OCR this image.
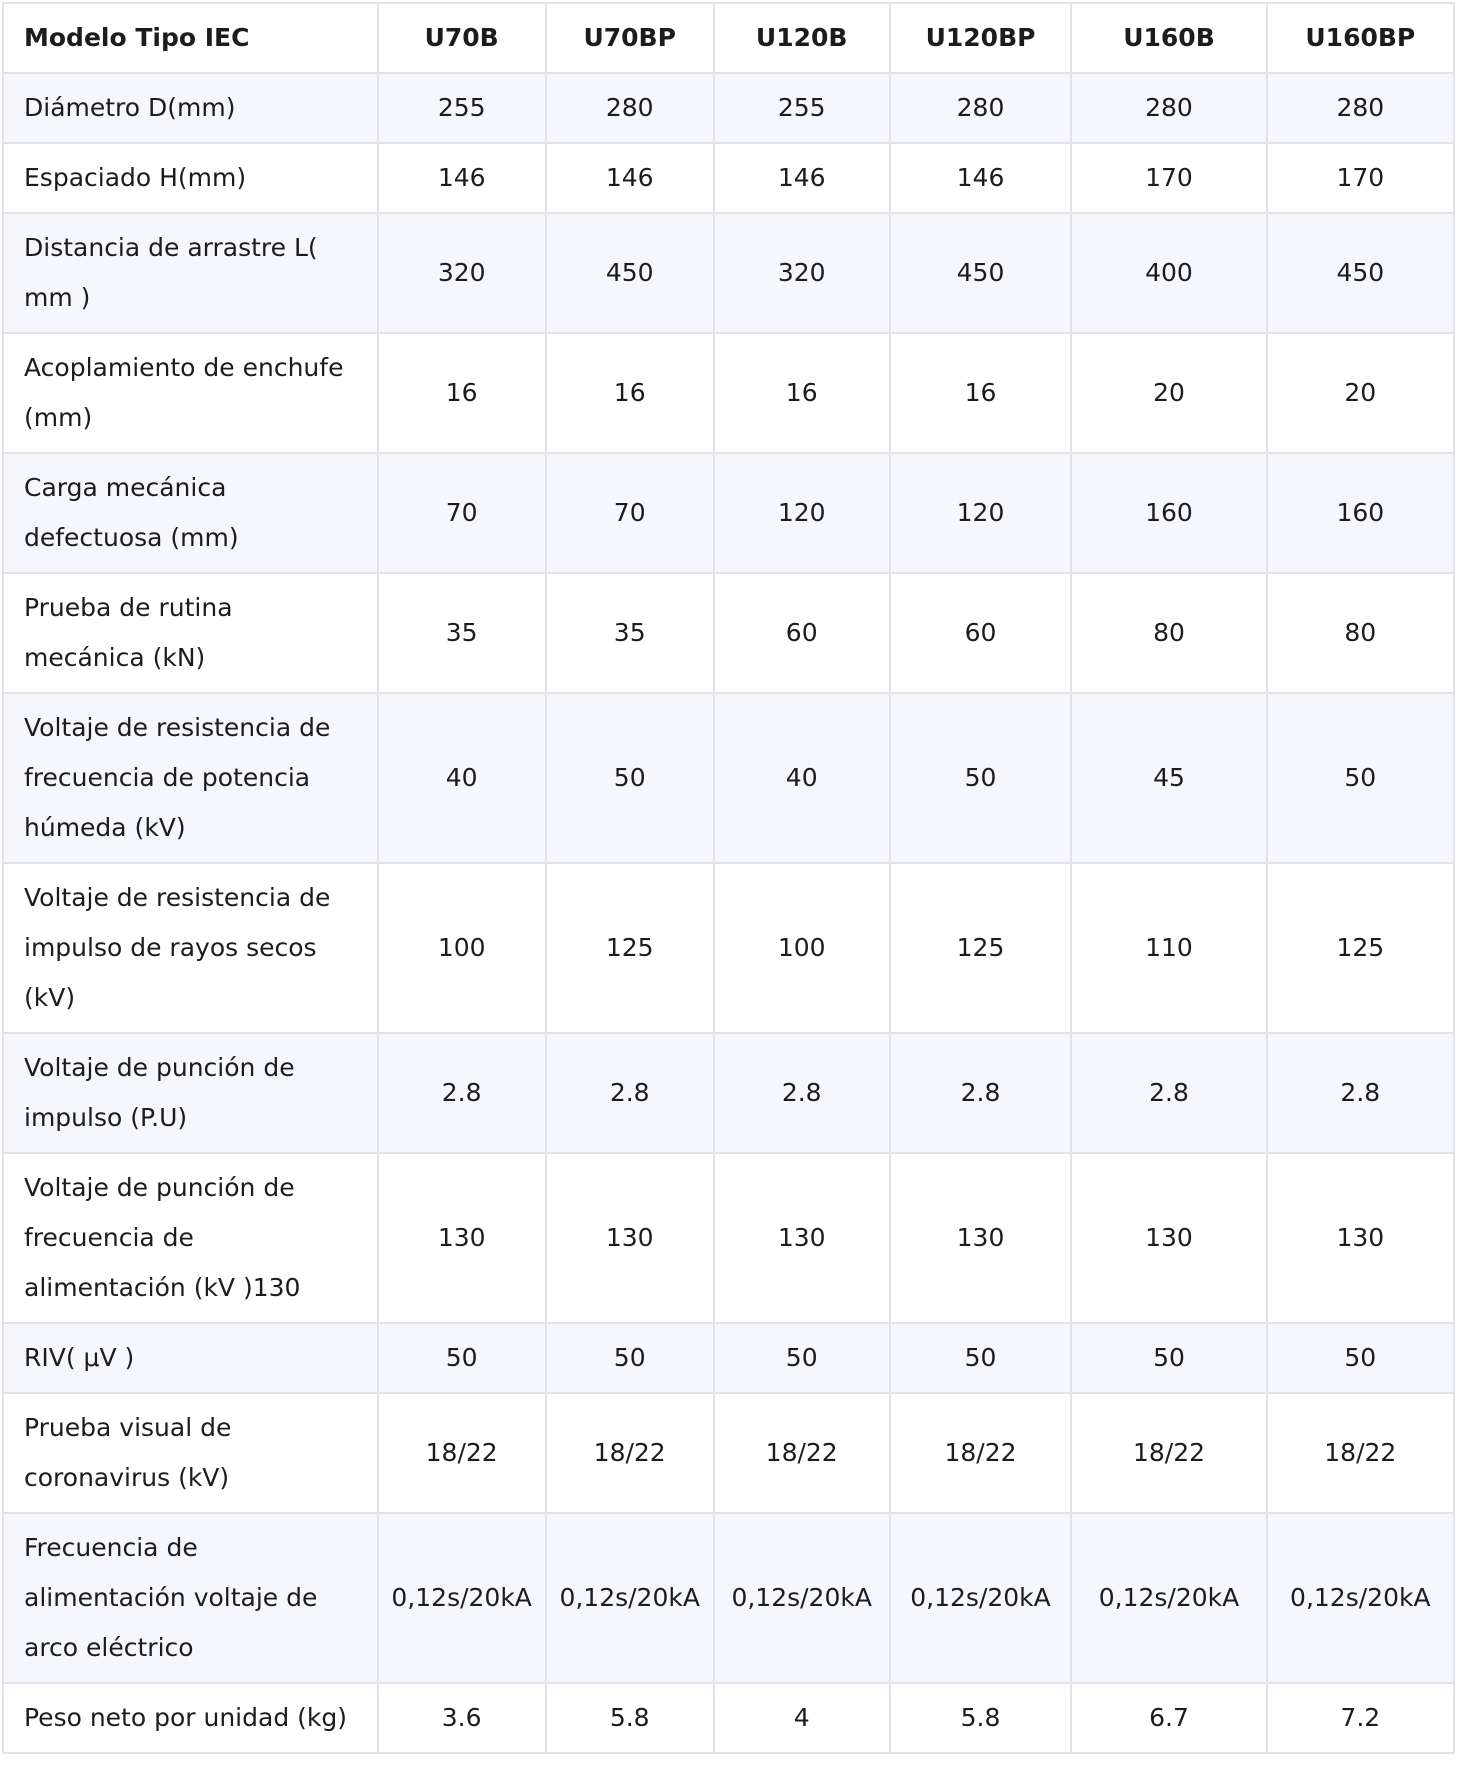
Modelo Tipo IEC	U70B	U70BP	U120B	U120BP	U160B	U160BP
Diámetro D(mm)	255	280	255	280	280	280
Espaciado H(mm)	146	146	146	146	170	170
Distancia de arrastre L( mm )	320	450	320	450	400	450
Acoplamiento de enchufe (mm)	16	16	16	16	20	20
Carga mecánica defectuosa (mm)	70	70	120	120	160	160
Prueba de rutina mecánica (kN)	35	35	60	60	80	80
Voltaje de resistencia de frecuencia de potencia húmeda (kV)	40	50	40	50	45	50
Voltaje de resistencia de impulso de rayos secos (kV)	100	125	100	125	110	125
Voltaje de punción de impulso (P.U)	2.8	2.8	2.8	2.8	2.8	2.8
Voltaje de punción de frecuencia de alimentación (kV )130	130	130	130	130	130	130
RIV( μV )	50	50	50	50	50	50
Prueba visual de coronavirus (kV)	18/22	18/22	18/22	18/22	18/22	18/22
Frecuencia de alimentación voltaje de arco eléctrico	0,12s/20kA	0,12s/20kA	0,12s/20kA	0,12s/20kA	0,12s/20kA	0,12s/20kA
Peso neto por unidad (kg)	3.6	5.8	4	5.8	6.7	7.2
